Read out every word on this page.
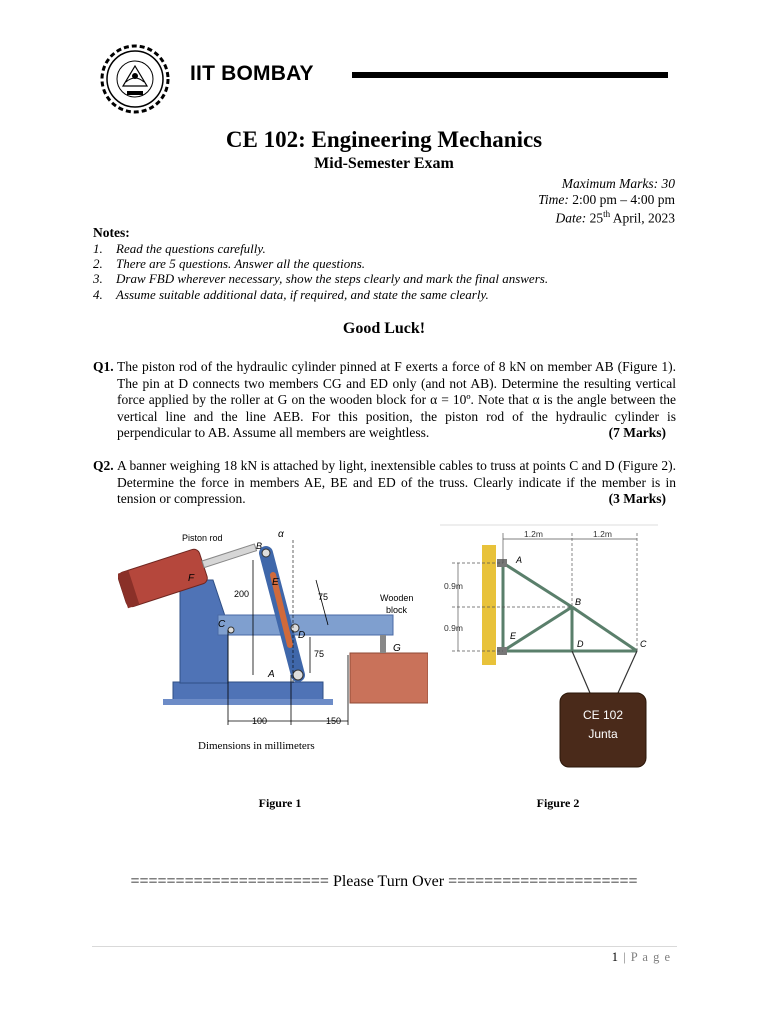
IIT BOMBAY
CE 102: Engineering Mechanics
Mid-Semester Exam
Maximum Marks: 30
Time: 2:00 pm – 4:00 pm
Date: 25th April, 2023
Notes:
1. Read the questions carefully.
2. There are 5 questions. Answer all the questions.
3. Draw FBD wherever necessary, show the steps clearly and mark the final answers.
4. Assume suitable additional data, if required, and state the same clearly.
Good Luck!
Q1. The piston rod of the hydraulic cylinder pinned at F exerts a force of 8 kN on member AB (Figure 1). The pin at D connects two members CG and ED only (and not AB). Determine the resulting vertical force applied by the roller at G on the wooden block for α = 10º. Note that α is the angle between the vertical line and the line AEB. For this position, the piston rod of the hydraulic cylinder is perpendicular to AB. Assume all members are weightless.	(7 Marks)
Q2. A banner weighing 18 kN is attached by light, inextensible cables to truss at points C and D (Figure 2). Determine the force in members AE, BE and ED of the truss. Clearly indicate if the member is in tension or compression.	(3 Marks)
Piston rod	α
B
E
F
C
D
A
G
200	75
75
100	150
Wooden
block
Dimensions in millimeters
1.2m	1.2m
0.9m
0.9m
A
B
C
D
E
CE 102
Junta
Figure 1	Figure 2
====================== Please Turn Over =====================
1 | P a g e
